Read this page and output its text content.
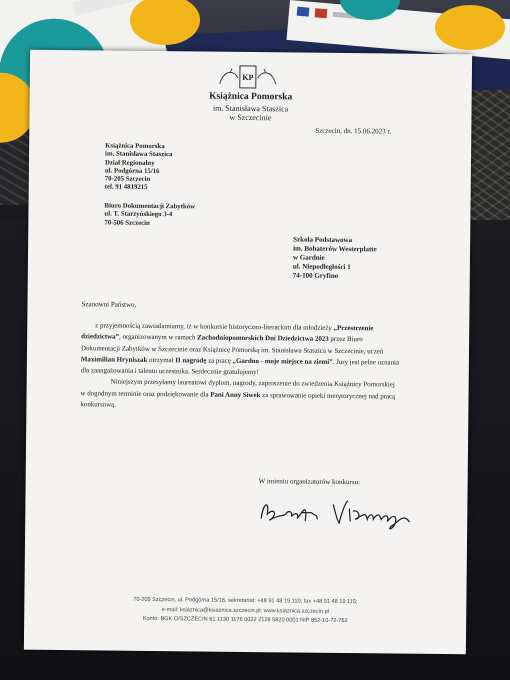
KP
Książnica Pomorska
im. Stanisława Staszica
w Szczecinie
Szczecin, dn. 15.06.2023 r.
Książnica Pomorska
im. Stanisława Staszica
Dział Regionalny
ul. Podgórna 15/16
70-205 Szczecin
tel. 91 4819215
Biuro Dokumentacji Zabytków
ul. T. Starzyńskiego 3-4
70-506 Szczecin
Szkoła Podstawowa
im. Bohaterów Westerplatte
w Gardnie
ul. Niepodległości 1
74-100 Gryfino
Szanowni Państwo,

z przyjemnością zawiadamiamy, iż w konkursie historyczno-literackim dla młodzieży „Przestrzenie dziedzictwa”, organizowanym w ramach Zachodniopomorskich Dni Dziedzictwa 2023 przez Biuro Dokumentacji Zabytków w Szczecinie oraz Książnicę Pomorską im. Stanisława Staszica w Szczecinie, uczeń Maximilian Hryniszak otrzymał II nagrodę za pracę „Gardno - moje miejsce na ziemi”. Jury jest pełne uznania dla zaangażowania i talentu uczestnika. Serdecznie gratulujemy!

Niniejszym przesyłamy laureatowi dyplom, nagrody, zaproszenie do zwiedzenia Książnicy Pomorskiej w dogodnym terminie oraz podziękowanie dla Pani Anny Siwek za sprawowanie opieki merytorycznej nad pracą konkursową.

W imieniu organizatorów konkursu:
70-205 Szczecin, ul. Podgórna 15/16, sekretariat: +48 91 48 19 110; fax +48 91 48 19 115;
e-mail: ksiaznica@ksiaznica.szczecin.pl; www.ksiaznica.szczecin.pl
Konto: BGK O/SZCZECIN 61 1130 1176 0022 2128 5820 0001 NIP 852-10-72-762
